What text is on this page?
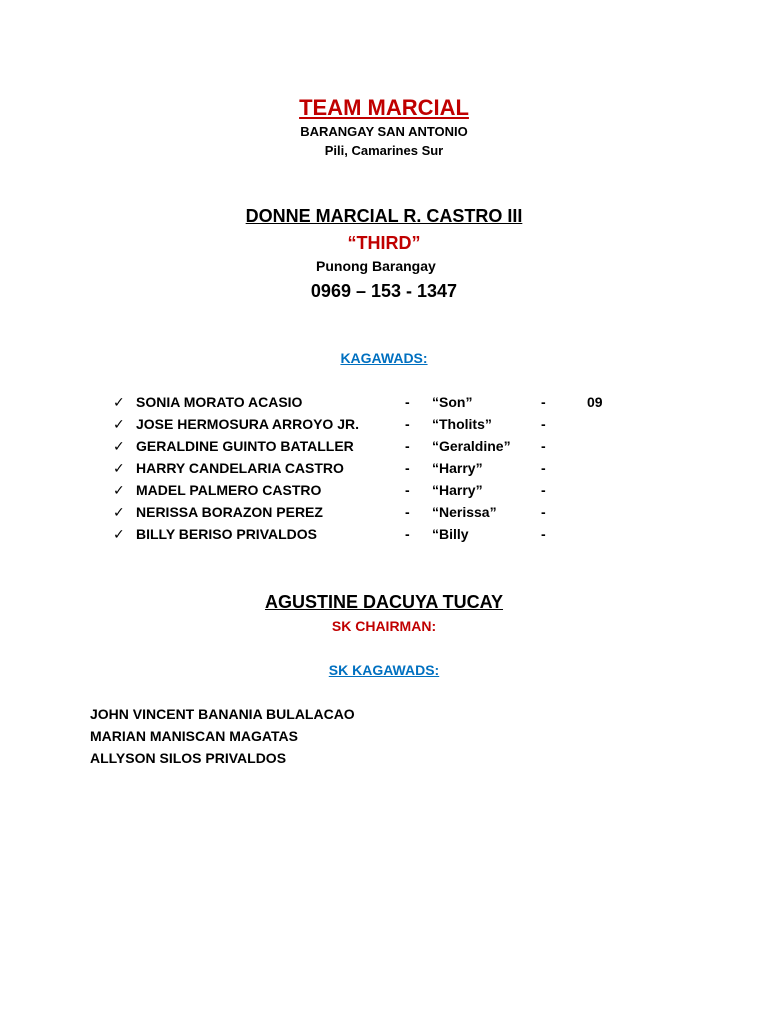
TEAM MARCIAL
BARANGAY SAN ANTONIO
Pili, Camarines Sur
DONNE MARCIAL R. CASTRO III
“THIRD”
Punong Barangay
0969 – 153 - 1347
KAGAWADS:
✓ SONIA MORATO ACASIO	- “Son”	-	09
✓ JOSE HERMOSURA ARROYO JR.	- “Tholits”	-
✓ GERALDINE GUINTO BATALLER	- “Geraldine” -
✓ HARRY CANDELARIA CASTRO	- “Harry”	-
✓ MADEL PALMERO CASTRO	- “Harry”	-
✓ NERISSA BORAZON PEREZ	- “Nerissa”	-
✓ BILLY BERISO PRIVALDOS	- “Billy	-
AGUSTINE DACUYA TUCAY
SK CHAIRMAN:
SK KAGAWADS:
JOHN VINCENT BANANIA BULALACAO
MARIAN MANISCAN MAGATAS
ALLYSON SILOS PRIVALDOS
